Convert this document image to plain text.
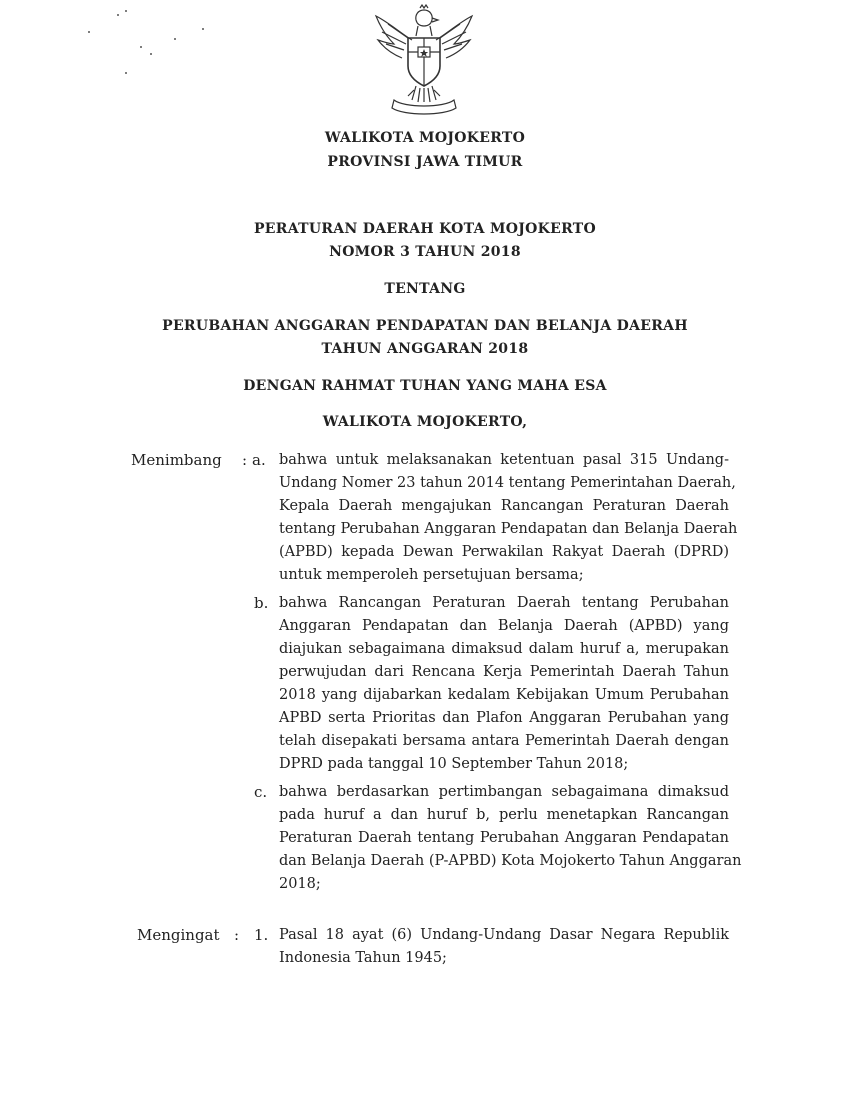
WALIKOTA MOJOKERTO
PROVINSI JAWA TIMUR
PERATURAN DAERAH KOTA MOJOKERTO
NOMOR 3 TAHUN 2018
TENTANG
PERUBAHAN ANGGARAN PENDAPATAN DAN BELANJA DAERAH
TAHUN ANGGARAN 2018
DENGAN RAHMAT TUHAN YANG MAHA ESA
WALIKOTA MOJOKERTO,
Menimbang : a. bahwa untuk melaksanakan ketentuan pasal 315 Undang-
Undang Nomer 23 tahun 2014 tentang Pemerintahan Daerah,
Kepala Daerah mengajukan Rancangan Peraturan Daerah
tentang Perubahan Anggaran Pendapatan dan Belanja Daerah
(APBD) kepada Dewan Perwakilan Rakyat Daerah (DPRD)
untuk memperoleh persetujuan bersama;
b. bahwa Rancangan Peraturan Daerah tentang Perubahan
Anggaran Pendapatan dan Belanja Daerah (APBD) yang
diajukan sebagaimana dimaksud dalam huruf a, merupakan
perwujudan dari Rencana Kerja Pemerintah Daerah Tahun
2018 yang dijabarkan kedalam Kebijakan Umum Perubahan
APBD serta Prioritas dan Plafon Anggaran Perubahan yang
telah disepakati bersama antara Pemerintah Daerah dengan
DPRD pada tanggal 10 September Tahun 2018;
c. bahwa berdasarkan pertimbangan sebagaimana dimaksud
pada huruf a dan huruf b, perlu menetapkan Rancangan
Peraturan Daerah tentang Perubahan Anggaran Pendapatan
dan Belanja Daerah (P-APBD) Kota Mojokerto Tahun Anggaran
2018;
Mengingat : 1. Pasal 18 ayat (6) Undang-Undang Dasar Negara Republik
Indonesia Tahun 1945;
